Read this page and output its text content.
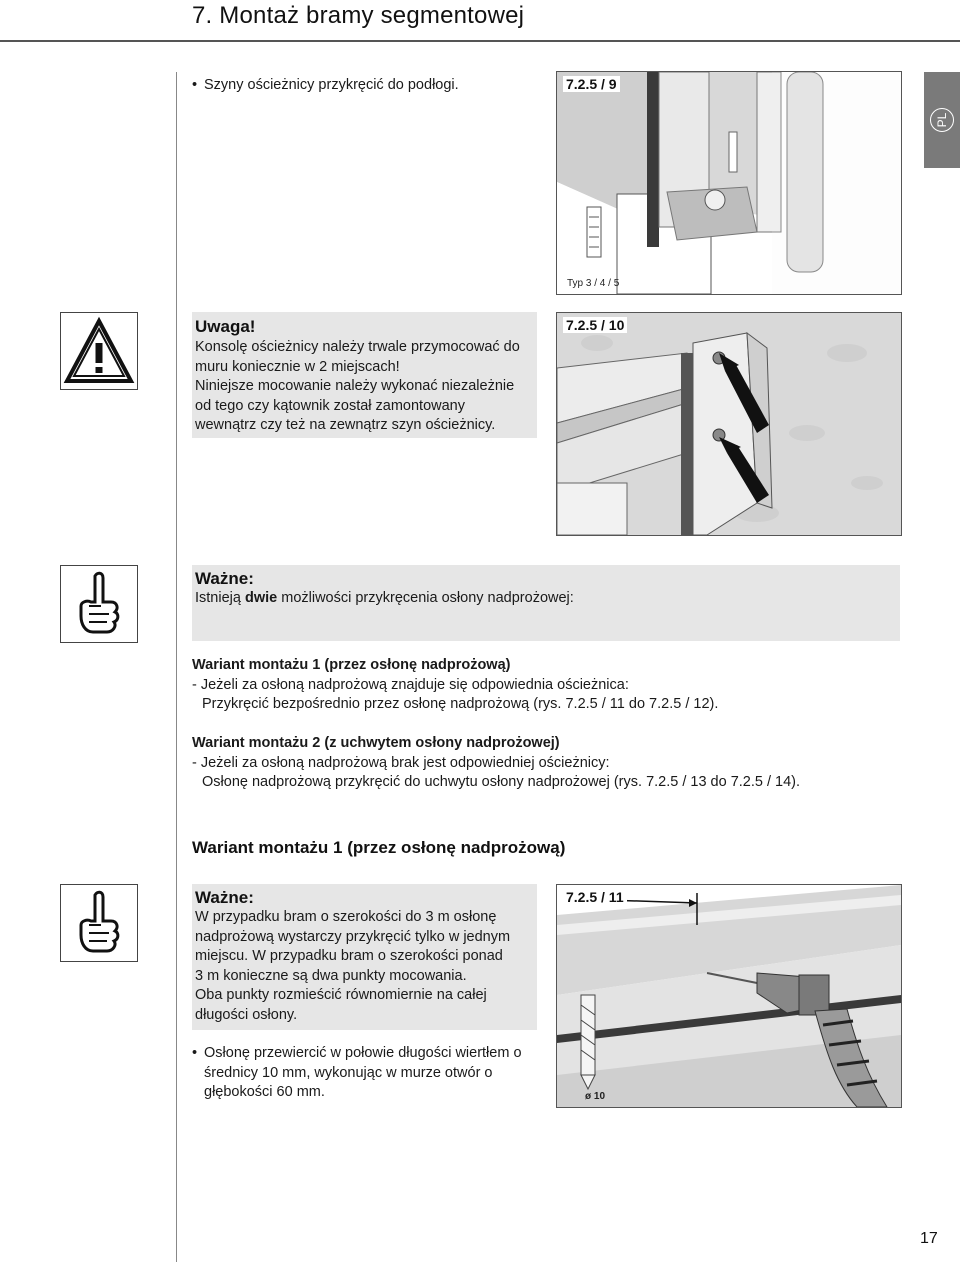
7. Montaż bramy segmentowej
PL
• Szyny ościeżnicy przykręcić do podłogi.	7.2.5 / 9
Typ 3 / 4 / 5
Uwaga!
Konsolę ościeżnicy należy trwale przymocować do
muru koniecznie w 2 miejscach!
Niniejsze mocowanie należy wykonać niezależnie
od tego czy kątownik został zamontowany
wewnątrz czy też na zewnątrz szyn ościeżnicy.
7.2.5 / 10
Ważne:
Istnieją dwie możliwości przykręcenia osłony nadprożowej:
Wariant montażu 1 (przez osłonę nadprożową)
- Jeżeli za osłoną nadprożową znajduje się odpowiednia ościeżnica:
Przykręcić bezpośrednio przez osłonę nadprożową (rys. 7.2.5 / 11 do 7.2.5 / 12).
Wariant montażu 2 (z uchwytem osłony nadprożowej)
- Jeżeli za osłoną nadprożową brak jest odpowiedniej ościeżnicy:
Osłonę nadprożową przykręcić do uchwytu osłony nadprożowej (rys. 7.2.5 / 13 do 7.2.5 / 14).
Wariant montażu 1 (przez osłonę nadprożową)
Ważne:
W przypadku bram o szerokości do 3 m osłonę
nadprożową wystarczy przykręcić tylko w jednym
miejscu. W przypadku bram o szerokości ponad
3 m konieczne są dwa punkty mocowania.
Oba punkty rozmieścić równomiernie na całej
długości osłony.
7.2.5 / 11
ø 10
• Osłonę przewiercić w połowie długości wiertłem o
średnicy 10 mm, wykonując w murze otwór o
głębokości 60 mm.
17
